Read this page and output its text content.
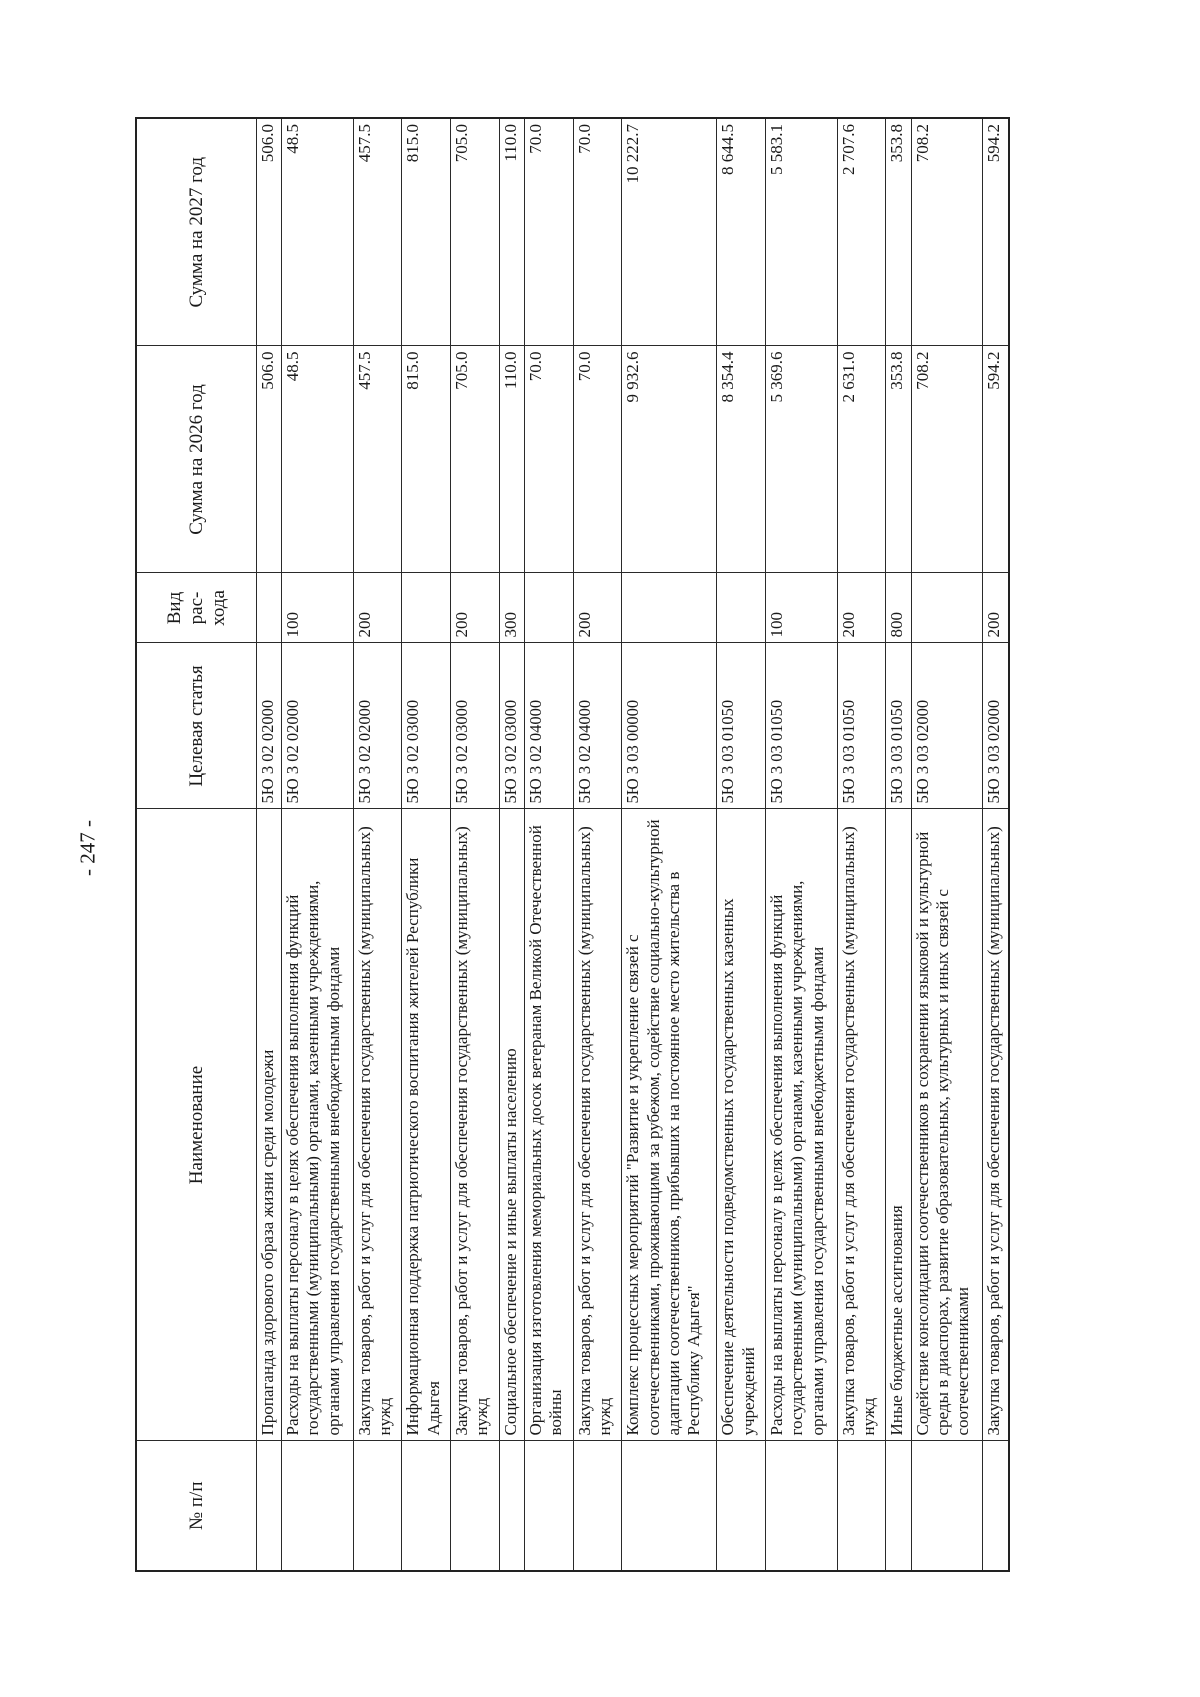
- 247 -
№ п/п	Наименование	Целевая статья	Вид рас-хода	Сумма на 2026 год	Сумма на 2027 год
	Пропаганда здорового образа жизни среди молодежи	5Ю 3 02 02000		506.0	506.0
	Расходы на выплаты персоналу в целях обеспечения выполнения функций государственными (муниципальными) органами, казенными учреждениями, органами управления государственными внебюджетными фондами	5Ю 3 02 02000	100	48.5	48.5
	Закупка товаров, работ и услуг для обеспечения государственных (муниципальных) нужд	5Ю 3 02 02000	200	457.5	457.5
	Информационная поддержка патриотического воспитания жителей Республики Адыгея	5Ю 3 02 03000		815.0	815.0
	Закупка товаров, работ и услуг для обеспечения государственных (муниципальных) нужд	5Ю 3 02 03000	200	705.0	705.0
	Социальное обеспечение и иные выплаты населению	5Ю 3 02 03000	300	110.0	110.0
	Организация изготовления мемориальных досок ветеранам Великой Отечественной войны	5Ю 3 02 04000		70.0	70.0
	Закупка товаров, работ и услуг для обеспечения государственных (муниципальных) нужд	5Ю 3 02 04000	200	70.0	70.0
	Комплекс процессных мероприятий "Развитие и укрепление связей с соотечественниками, проживающими за рубежом, содействие социально-культурной адаптации соотечественников, прибывших на постоянное место жительства в Республику Адыгея"	5Ю 3 03 00000		9 932.6	10 222.7
	Обеспечение деятельности подведомственных государственных казенных учреждений	5Ю 3 03 01050		8 354.4	8 644.5
	Расходы на выплаты персоналу в целях обеспечения выполнения функций государственными (муниципальными) органами, казенными учреждениями, органами управления государственными внебюджетными фондами	5Ю 3 03 01050	100	5 369.6	5 583.1
	Закупка товаров, работ и услуг для обеспечения государственных (муниципальных) нужд	5Ю 3 03 01050	200	2 631.0	2 707.6
	Иные бюджетные ассигнования	5Ю 3 03 01050	800	353.8	353.8
	Содействие консолидации соотечественников в сохранении языковой и культурной среды в диаспорах, развитие образовательных, культурных и иных связей с соотечественниками	5Ю 3 03 02000		708.2	708.2
	Закупка товаров, работ и услуг для обеспечения государственных (муниципальных)	5Ю 3 03 02000	200	594.2	594.2
